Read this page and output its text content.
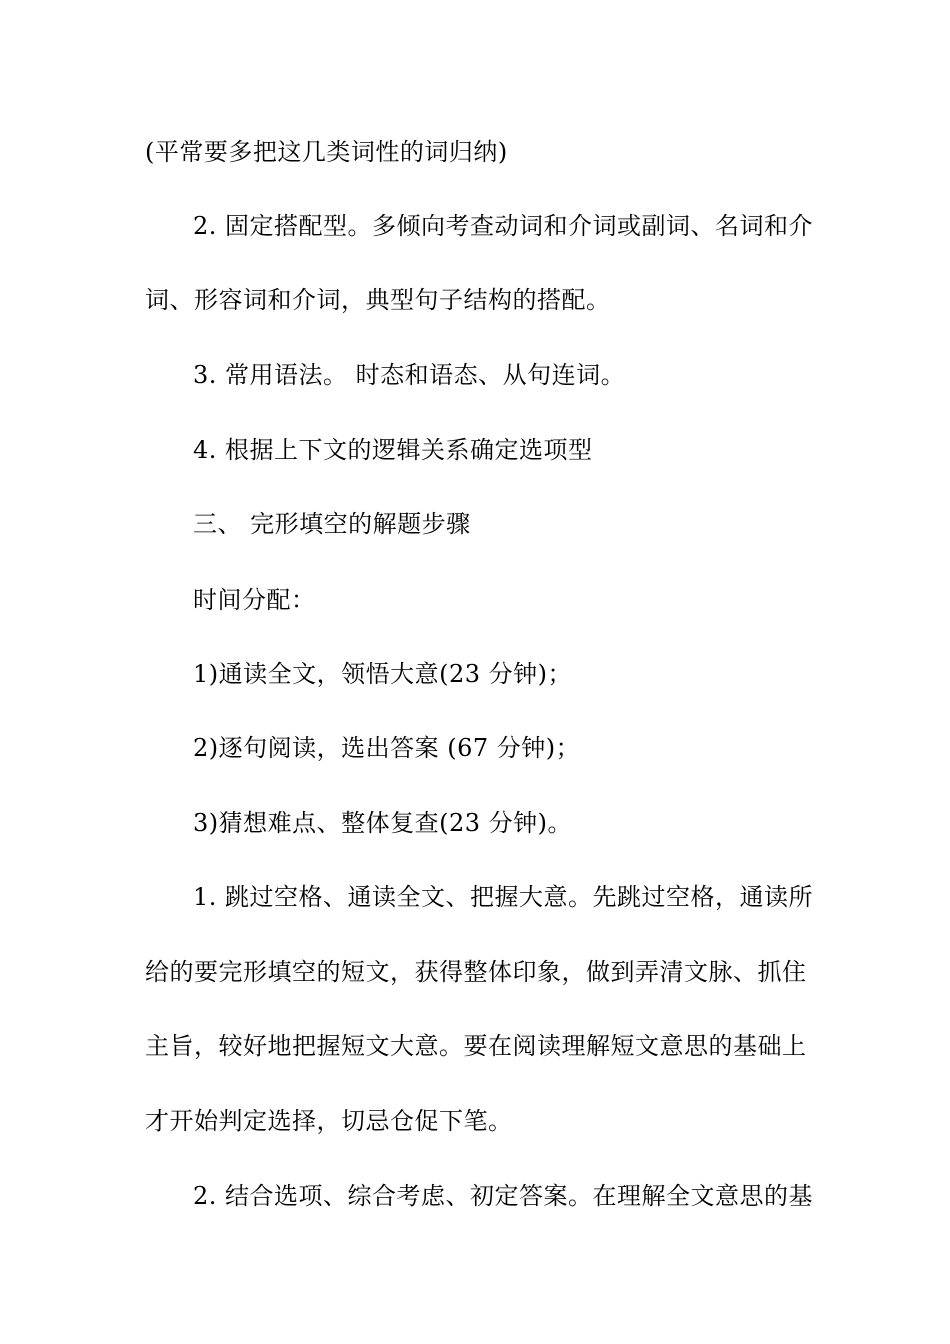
(平常要多把这几类词性的词归纳)
2. 固定搭配型。多倾向考查动词和介词或副词、名词和介
词、形容词和介词，典型句子结构的搭配。
3. 常用语法。 时态和语态、从句连词。
4. 根据上下文的逻辑关系确定选项型
三、 完形填空的解题步骤
时间分配：
1)通读全文，领悟大意(23 分钟)；
2)逐句阅读，选出答案 (67 分钟)；
3)猜想难点、整体复查(23 分钟)。
1. 跳过空格、通读全文、把握大意。先跳过空格，通读所
给的要完形填空的短文，获得整体印象，做到弄清文脉、抓住
主旨，较好地把握短文大意。要在阅读理解短文意思的基础上
才开始判定选择，切忌仓促下笔。
2. 结合选项、综合考虑、初定答案。在理解全文意思的基
